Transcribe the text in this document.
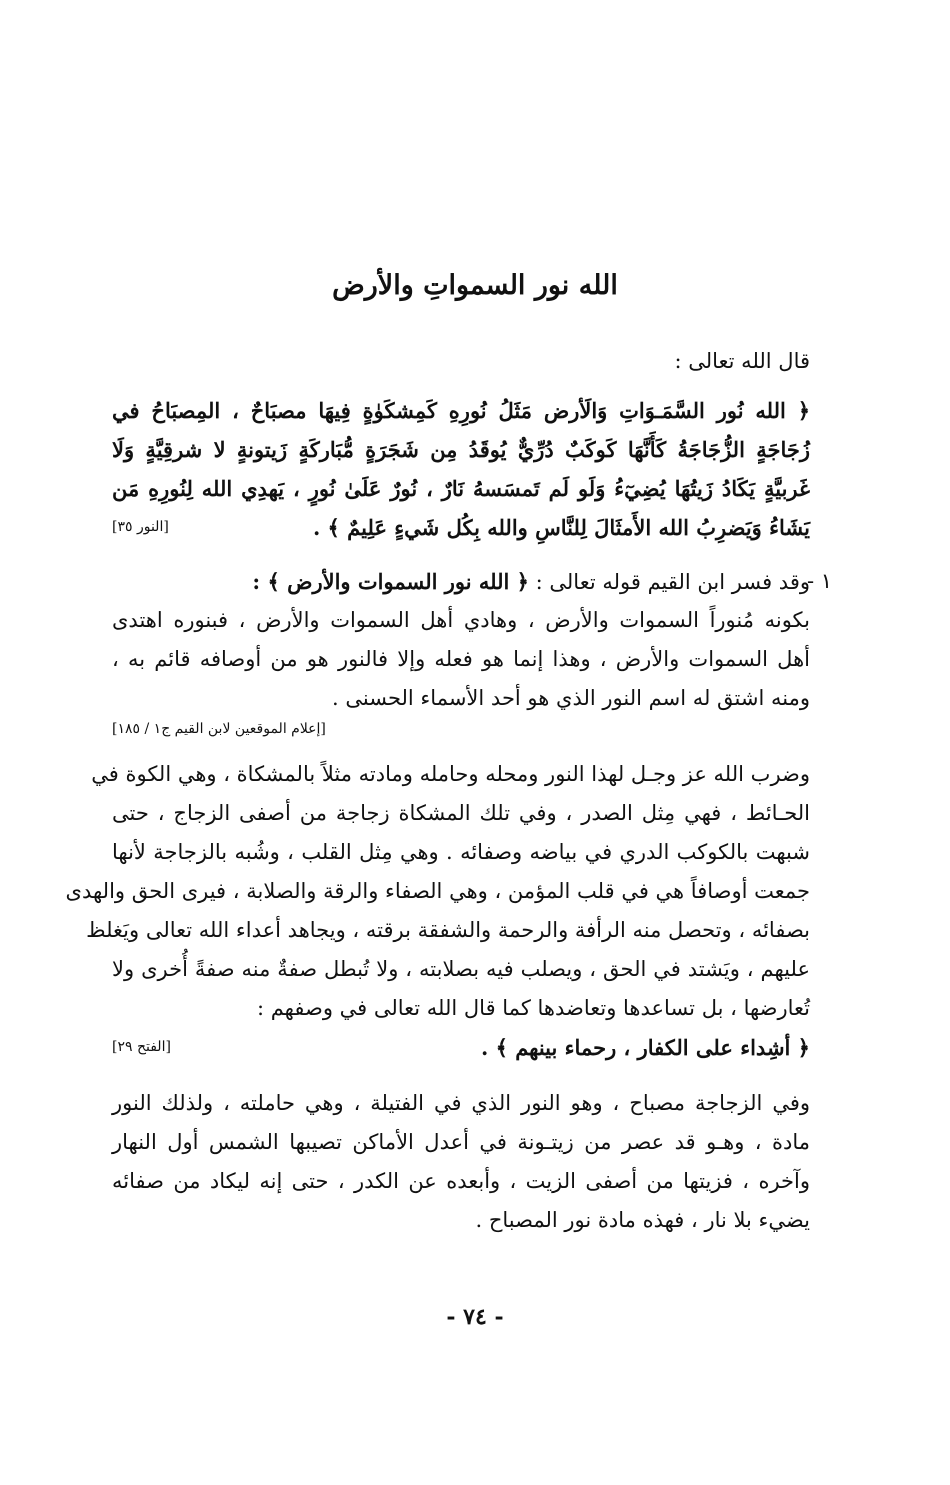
الله نور السمواتِ والأرض
قال الله تعالى :
﴿ الله نُور السَّمَـوَاتِ وَالَأرض مَثَلُ نُورِهِ كَمِشكَوٰةٍ فِيهَا مصبَاحٌ ، المِصبَاحُ في
زُجَاجَةٍ الزُّجَاجَةُ كَأَنَّهَا كَوكَبٌ دُرِّيٌّ يُوقَدُ مِن شَجَرَةٍ مُّبَاركَةٍ زَيتونةٍ لا شرقِيَّةٍ وَلَا
غَربيَّةٍ يَكَادُ زَيتُهَا يُضِيٓءُ وَلَو لَم تَمسَسهُ نَارٌ ، نُورٌ عَلَىٰ نُورٍ ، يَهدِي الله لِنُورِهِ مَن
يَشَاءُ وَيَضرِبُ الله الأَمثَالَ لِلنَّاسِ والله بِكُل شَيءٍ عَلِيمٌ ﴾ .
[النور ٣٥]
١ -
وقد فسر ابن القيم قوله تعالى : ﴿ الله نور السموات والأرض ﴾ :
بكونه مُنوراً السموات والأرض ، وهادي أهل السموات والأرض ، فبنوره اهتدى
أهل السموات والأرض ، وهذا إنما هو فعله وإلا فالنور هو من أوصافه قائم به ،
ومنه اشتق له اسم النور الذي هو أحد الأسماء الحسنى .
[إعلام الموقعين لابن القيم ج١ / ١٨٥]
وضرب الله عز وجـل لهذا النور ومحله وحامله ومادته مثلاً بالمشكاة ، وهي الكوة في
الحـائط ، فهي مِثل الصدر ، وفي تلك المشكاة زجاجة من أصفى الزجاج ، حتى
شبهت بالكوكب الدري في بياضه وصفائه . وهي مِثل القلب ، وشُبه بالزجاجة لأنها
جمعت أوصافاً هي في قلب المؤمن ، وهي الصفاء والرقة والصلابة ، فيرى الحق والهدى
بصفائه ، وتحصل منه الرأفة والرحمة والشفقة برقته ، ويجاهد أعداء الله تعالى ويَغلظ
عليهم ، ويَشتد في الحق ، ويصلب فيه بصلابته ، ولا تُبطل صفةٌ منه صفةً أُخرى ولا
تُعارضها ، بل تساعدها وتعاضدها كما قال الله تعالى في وصفهم :
﴿ أشِداء على الكفار ، رحماء بينهم ﴾ .
[الفتح ٢٩]
وفي الزجاجة مصباح ، وهو النور الذي في الفتيلة ، وهي حاملته ، ولذلك النور
مادة ، وهـو قد عصر من زيتـونة في أعدل الأماكن تصيبها الشمس أول النهار
وآخره ، فزيتها من أصفى الزيت ، وأبعده عن الكدر ، حتى إنه ليكاد من صفائه
يضيء بلا نار ، فهذه مادة نور المصباح .
- ٧٤ -
